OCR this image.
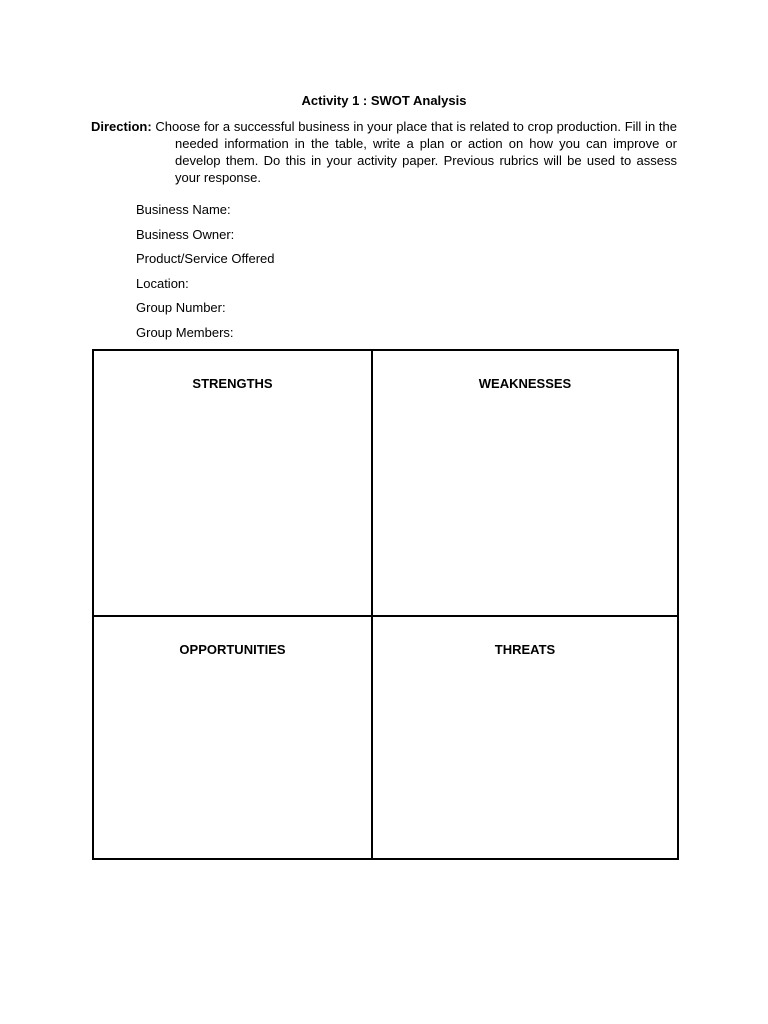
Activity 1 : SWOT Analysis
Direction: Choose for a successful business in your place that is related to crop production. Fill in the needed information in the table, write a plan or action on how you can improve or develop them. Do this in your activity paper. Previous rubrics will be used to assess your response.
Business Name:
Business Owner:
Product/Service Offered
Location:
Group Number:
Group Members:
STRENGTHS	WEAKNESSES

OPPORTUNITIES	THREATS
